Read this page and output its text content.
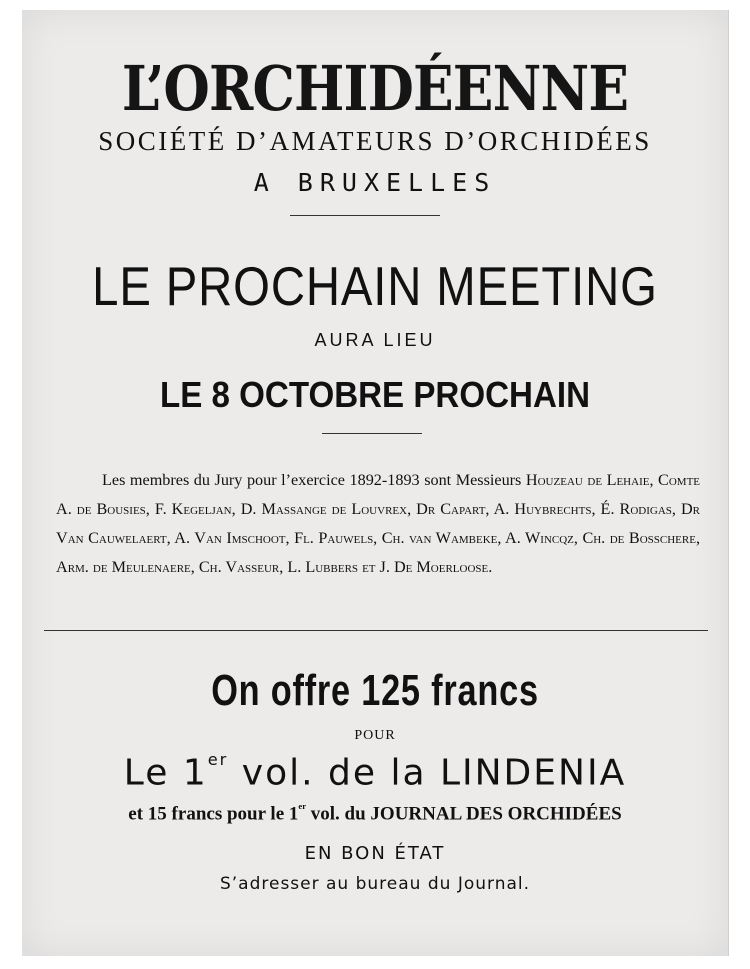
L’ORCHIDÉENNE
SOCIÉTÉ D’AMATEURS D’ORCHIDÉES
A BRUXELLES
LE PROCHAIN MEETING
AURA LIEU
LE 8 OCTOBRE PROCHAIN
Les membres du Jury pour l’exercice 1892-1893 sont Messieurs Houzeau de Lehaie, Comte A. de Bousies, F. Kegeljan, D. Massange de Louvrex, Dr Capart, A. Huybrechts, É. Rodigas, Dr Van Cauwelaert, A. Van Imschoot, Fl. Pauwels, Ch. van Wambeke, A. Wincqz, Ch. de Bosschere, Arm. de Meulenaere, Ch. Vasseur, L. Lubbers et J. De Moerloose.
On offre 125 francs
POUR
Le 1er vol. de la LINDENIA
et 15 francs pour le 1er vol. du JOURNAL DES ORCHIDÉES
EN BON ÉTAT
S’adresser au bureau du Journal.
